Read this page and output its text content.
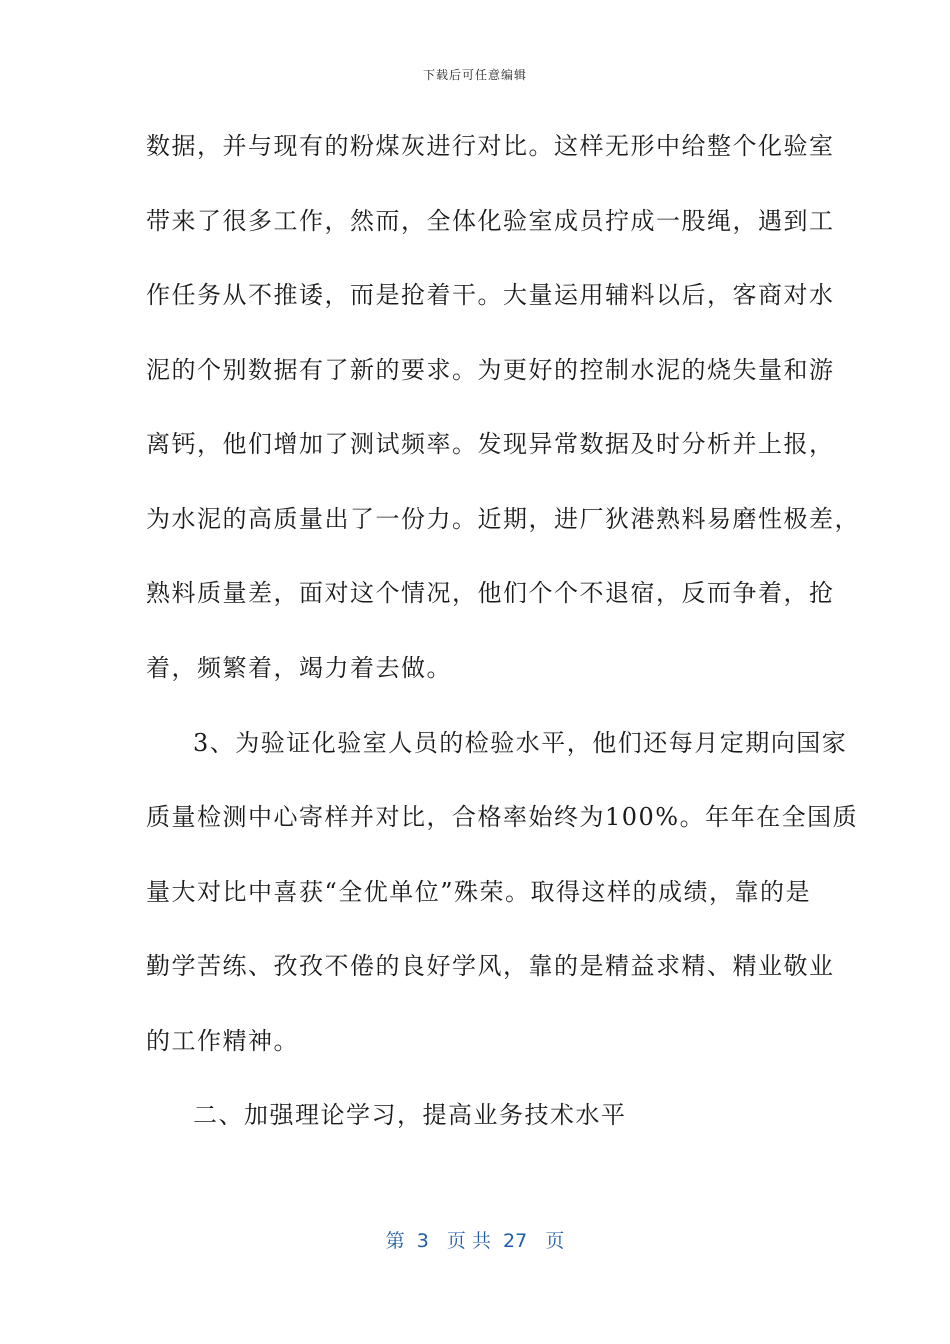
下载后可任意编辑
数据，并与现有的粉煤灰进行对比。这样无形中给整个化验室
带来了很多工作，然而，全体化验室成员拧成一股绳，遇到工
作任务从不推诿，而是抢着干。大量运用辅料以后，客商对水
泥的个别数据有了新的要求。为更好的控制水泥的烧失量和游
离钙，他们增加了测试频率。发现异常数据及时分析并上报，
为水泥的高质量出了一份力。近期，进厂狄港熟料易磨性极差，
熟料质量差，面对这个情况，他们个个不退宿，反而争着，抢
着，频繁着，竭力着去做。
3、为验证化验室人员的检验水平，他们还每月定期向国家
质量检测中心寄样并对比，合格率始终为100%。年年在全国质
量大对比中喜获“全优单位”殊荣。取得这样的成绩，靠的是
勤学苦练、孜孜不倦的良好学风，靠的是精益求精、精业敬业
的工作精神。
二、加强理论学习，提高业务技术水平
第  3   页 共  27   页
